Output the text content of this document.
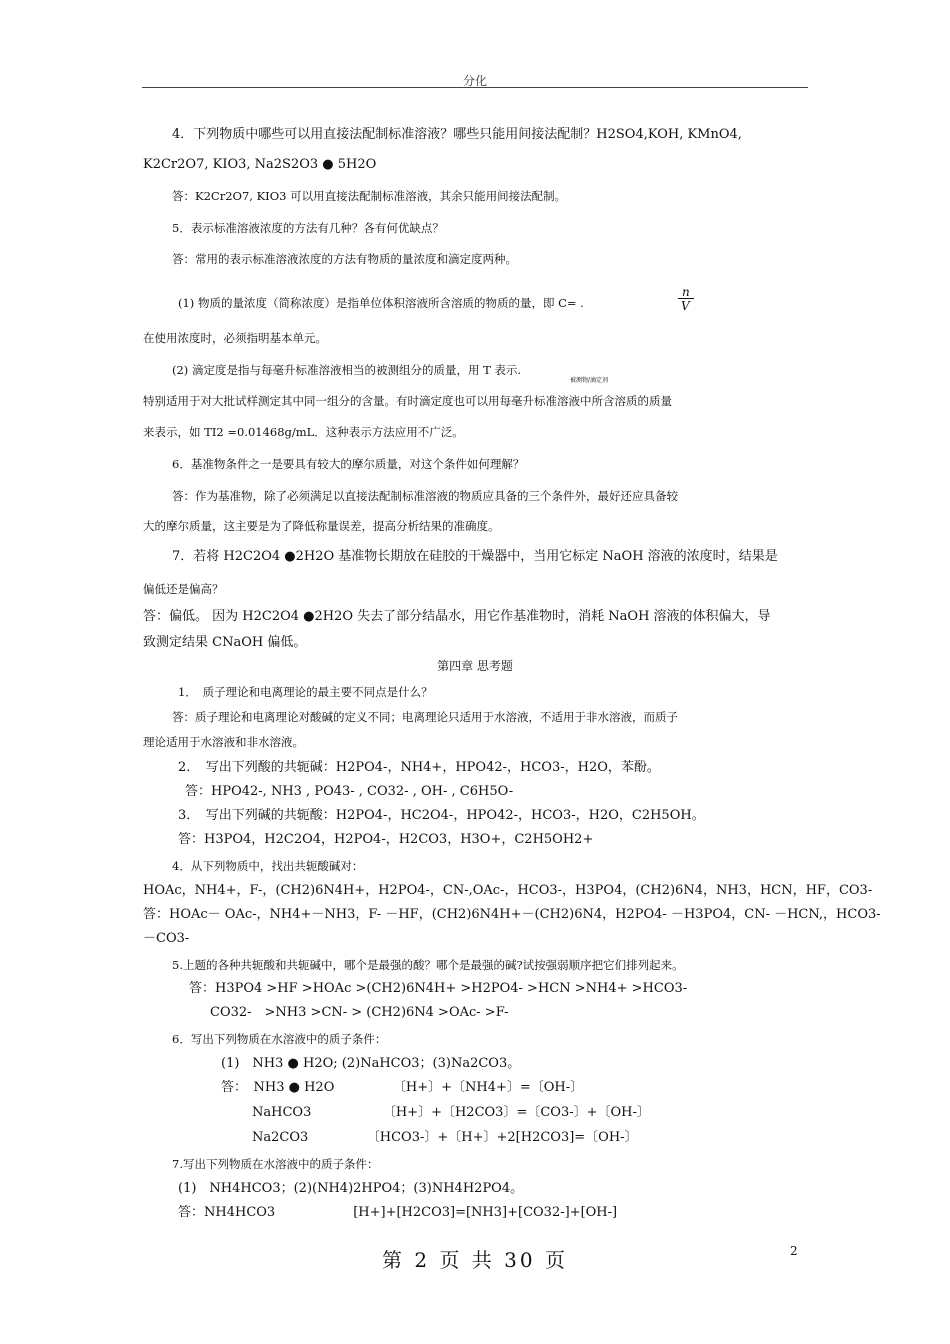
分化
4．下列物质中哪些可以用直接法配制标准溶液？哪些只能用间接法配制？H2SO4,KOH, KMnO4,
K2Cr2O7, KIO3, Na2S2O3 ● 5H2O
答：K2Cr2O7, KIO3 可以用直接法配制标准溶液，其余只能用间接法配制。
5．表示标准溶液浓度的方法有几种？各有何优缺点？
答：常用的表示标准溶液浓度的方法有物质的量浓度和滴定度两种。
(1) 物质的量浓度（简称浓度）是指单位体积溶液所含溶质的物质的量，即 C= .
n
V
在使用浓度时，必须指明基本单元。
(2) 滴定度是指与每毫升标准溶液相当的被测组分的质量，用 T 表示.
被测物/滴定剂
特别适用于对大批试样测定其中同一组分的含量。有时滴定度也可以用每毫升标准溶液中所含溶质的质量
来表示，如 TI2 =0.01468g/mL．这种表示方法应用不广泛。
6．基准物条件之一是要具有较大的摩尔质量，对这个条件如何理解？
答：作为基准物，除了必须满足以直接法配制标准溶液的物质应具备的三个条件外，最好还应具备较
大的摩尔质量，这主要是为了降低称量误差，提高分析结果的准确度。
7．若将 H2C2O4 ●2H2O 基准物长期放在硅胶的干燥器中，当用它标定 NaOH 溶液的浓度时，结果是
偏低还是偏高？
答：偏低。 因为 H2C2O4 ●2H2O 失去了部分结晶水，用它作基准物时，消耗 NaOH 溶液的体积偏大，导
致测定结果 CNaOH 偏低。
第四章 思考题
1．　质子理论和电离理论的最主要不同点是什么？
答：质子理论和电离理论对酸碱的定义不同；电离理论只适用于水溶液，不适用于非水溶液，而质子
理论适用于水溶液和非水溶液。
2．　写出下列酸的共轭碱：H2PO4-，NH4+，HPO42-，HCO3-，H2O，苯酚。
答：HPO42-, NH3 , PO43- , CO32- , OH- , C6H5O-
3．　写出下列碱的共轭酸：H2PO4-，HC2O4-，HPO42-，HCO3-，H2O，C2H5OH。
答：H3PO4，H2C2O4，H2PO4-，H2CO3，H3O+，C2H5OH2+
4．从下列物质中，找出共轭酸碱对：
HOAc，NH4+，F-，(CH2)6N4H+，H2PO4-，CN-,OAc-，HCO3-，H3PO4，(CH2)6N4，NH3，HCN，HF，CO3-
答：HOAc－ OAc-，NH4+－NH3，F- －HF，(CH2)6N4H+－(CH2)6N4，H2PO4- －H3PO4，CN- －HCN,，HCO3-
－CO3-
5.上题的各种共轭酸和共轭碱中，哪个是最强的酸？哪个是最强的碱?试按强弱顺序把它们排列起来。
答：H3PO4 >HF >HOAc >(CH2)6N4H+ >H2PO4- >HCN >NH4+ >HCO3-
CO32-　>NH3 >CN- > (CH2)6N4 >OAc- >F-
6．写出下列物质在水溶液中的质子条件：
(1)　NH3 ● H2O; (2)NaHCO3；(3)Na2CO3。
答：　NH3 ● H2O　　　　　〔H+〕+〔NH4+〕=〔OH-〕
NaHCO3　　　　　　〔H+〕+〔H2CO3〕=〔CO3-〕+〔OH-〕
Na2CO3　　　　　〔HCO3-〕+〔H+〕+2[H2CO3]=〔OH-〕
7.写出下列物质在水溶液中的质子条件：
(1)　NH4HCO3；(2)(NH4)2HPO4；(3)NH4H2PO4。
答：NH4HCO3　　　　　　[H+]+[H2CO3]=[NH3]+[CO32-]+[OH-]
第 2 页 共 30 页	2
